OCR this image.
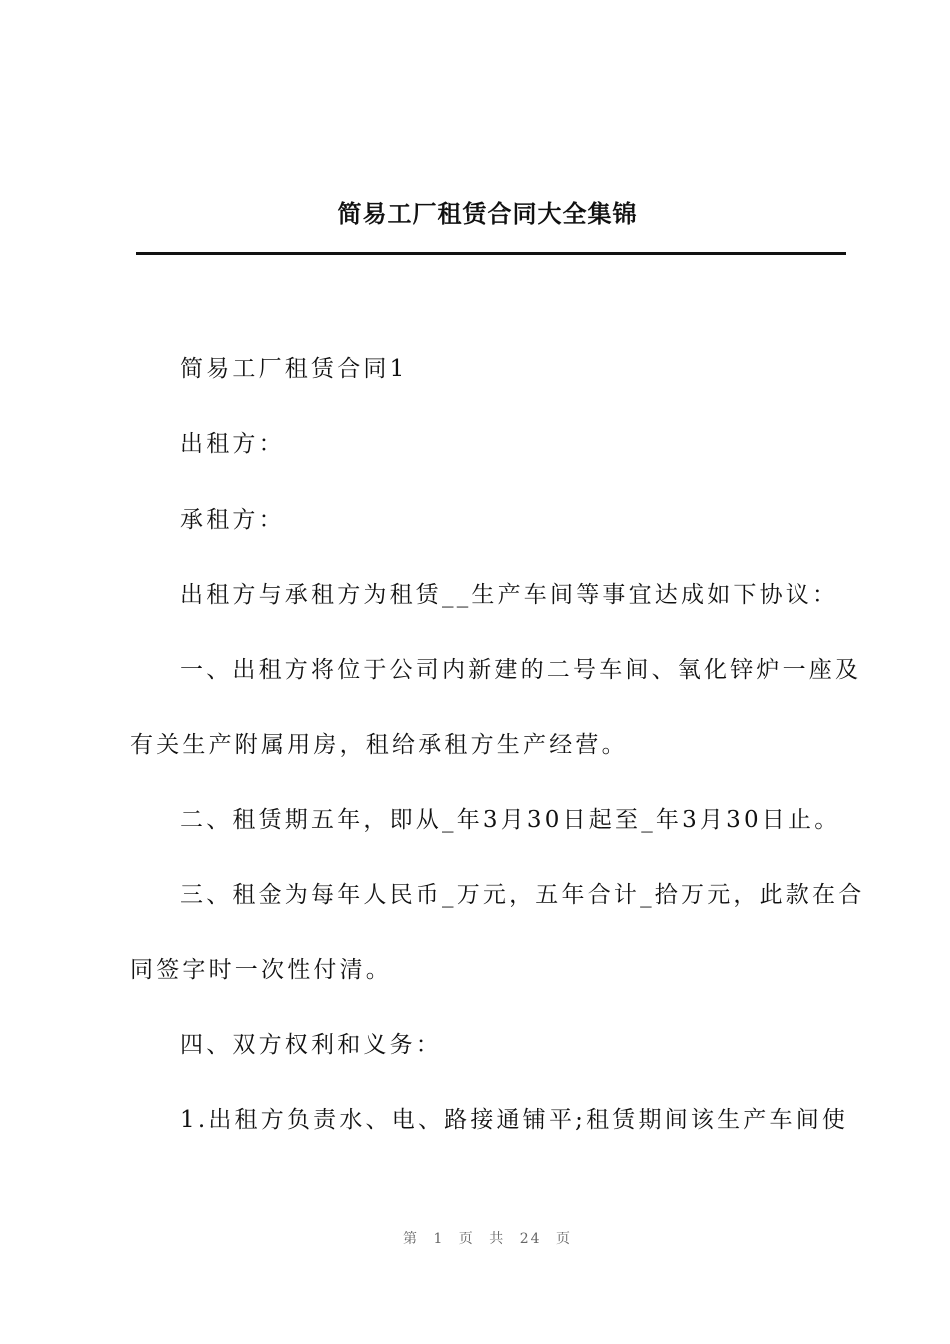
简易工厂租赁合同大全集锦
简易工厂租赁合同1
出租方：
承租方：
出租方与承租方为租赁__生产车间等事宜达成如下协议：
一、出租方将位于公司内新建的二号车间、氧化锌炉一座及
有关生产附属用房，租给承租方生产经营。
二、租赁期五年，即从_年3月30日起至_年3月30日止。
三、租金为每年人民币_万元，五年合计_拾万元，此款在合
同签字时一次性付清。
四、双方权利和义务：
1.出租方负责水、电、路接通铺平;租赁期间该生产车间使
第 1 页 共 24 页
